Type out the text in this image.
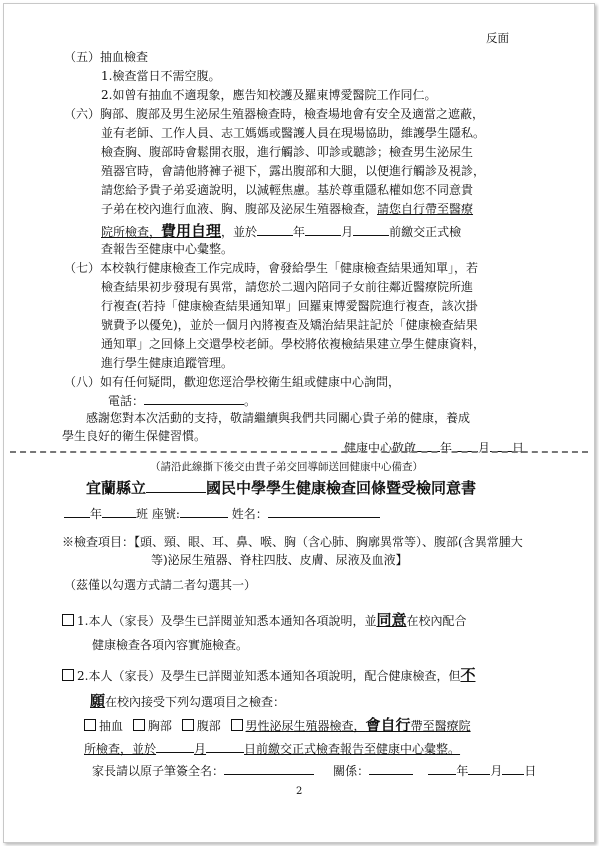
反面
（五）抽血檢查
1.檢查當日不需空腹。
2.如曾有抽血不適現象，應告知校護及羅東博愛醫院工作同仁。
（六）胸部、腹部及男生泌尿生殖器檢查時，檢查場地會有安全及適當之遮蔽，
並有老師、工作人員、志工媽媽或醫護人員在現場協助，維護學生隱私。
檢查胸、腹部時會鬆開衣服，進行觸診、叩診或聽診；檢查男生泌尿生
殖器官時，會請他將褲子褪下，露出腹部和大腿，以便進行觸診及視診，
請您給予貴子弟妥適說明，以減輕焦慮。基於尊重隱私權如您不同意貴
子弟在校內進行血液、胸、腹部及泌尿生殖器檢查，請您自行帶至醫療
院所檢查，費用自理，並於	年	月	前繳交正式檢
查報告至健康中心彙整。
（七）本校執行健康檢查工作完成時，會發給學生「健康檢查結果通知單」，若
檢查結果初步發現有異常，請您於二週內陪同子女前往鄰近醫療院所進
行複查(若持「健康檢查結果通知單」回羅東博愛醫院進行複查，該次掛
號費予以優免)，並於一個月內將複查及矯治結果註記於「健康檢查結果
通知單」之回條上交還學校老師。學校將依複檢結果建立學生健康資料，
進行學生健康追蹤管理。
（八）如有任何疑問，歡迎您逕洽學校衛生組或健康中心詢問，
電話：	。
感謝您對本次活動的支持，敬請繼續與我們共同關心貴子弟的健康，養成
學生良好的衛生保健習慣。
健康中心敬啟 年 月 日
（請沿此線撕下後交由貴子弟交回導師送回健康中心備查）
宜蘭縣立	國民中學學生健康檢查回條暨受檢同意書
年	班 座號:	姓名：
※檢查項目：【頭、頸、眼、耳、鼻、喉、胸（含心肺、胸廓異常等）、腹部(含異常腫大
等)泌尿生殖器、脊柱四肢、皮膚、尿液及血液】
（茲僅以勾選方式請二者勾選其一）
1.本人（家長）及學生已詳閱並知悉本通知各項說明，並同意在校內配合
健康檢查各項內容實施檢查。
2.本人（家長）及學生已詳閱並知悉本通知各項說明，配合健康檢查，但不
願在校內接受下列勾選項目之檢查：
抽血 胸部 腹部 男性泌尿生殖器檢查，會自行帶至醫療院
所檢查，並於	月	日前繳交正式檢查報告至健康中心彙整。
家長請以原子筆簽全名：	關係：	年 月 日
2
